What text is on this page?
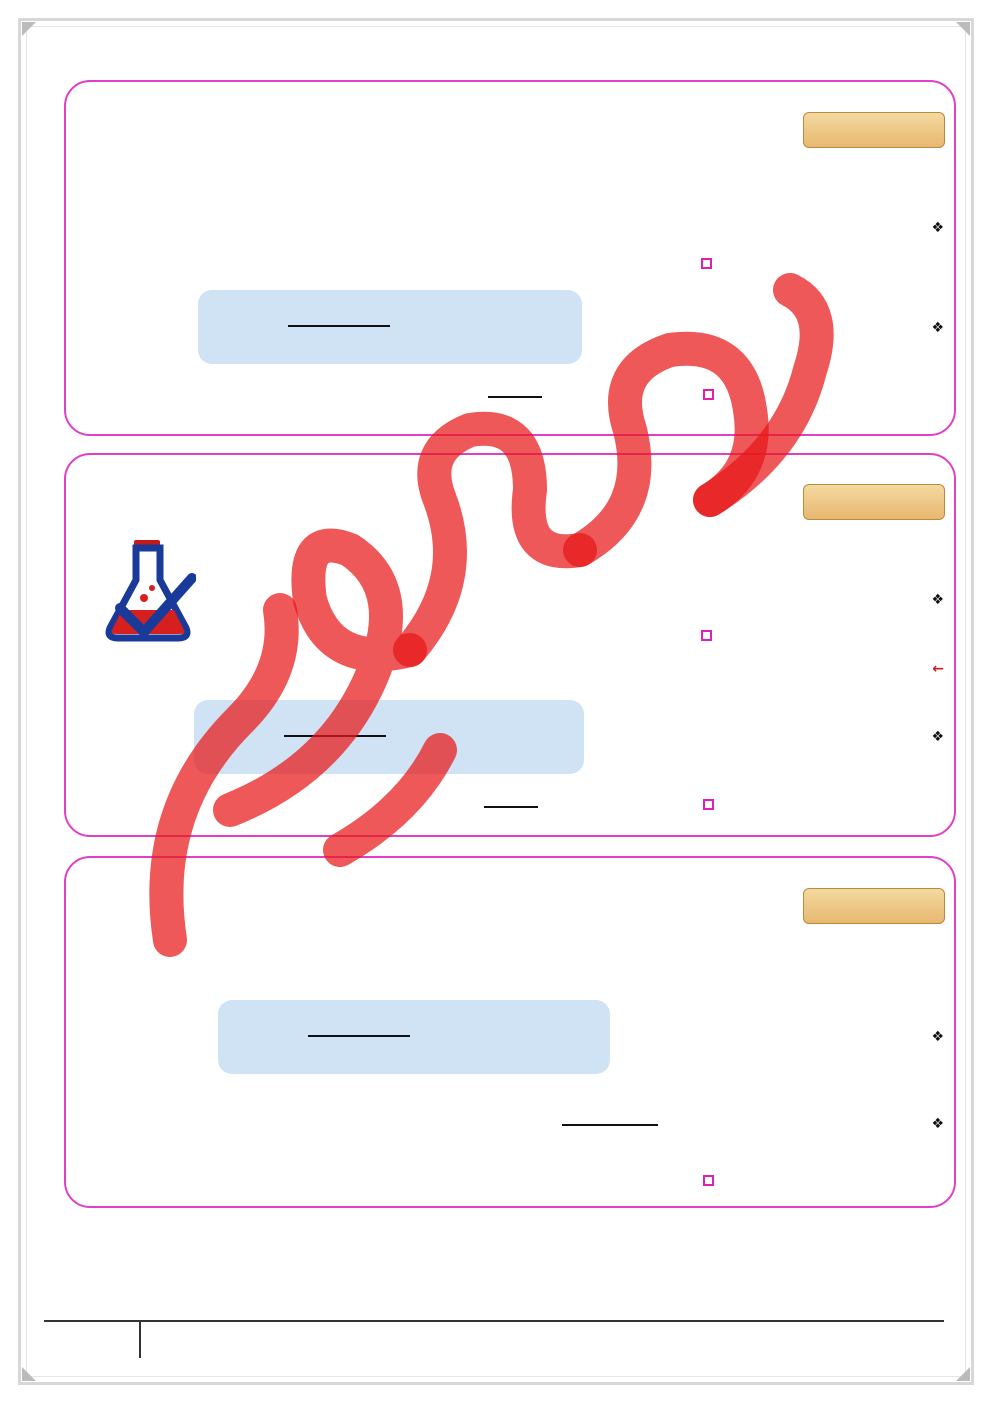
❖
❖
❖
←
❖
❖
❖
